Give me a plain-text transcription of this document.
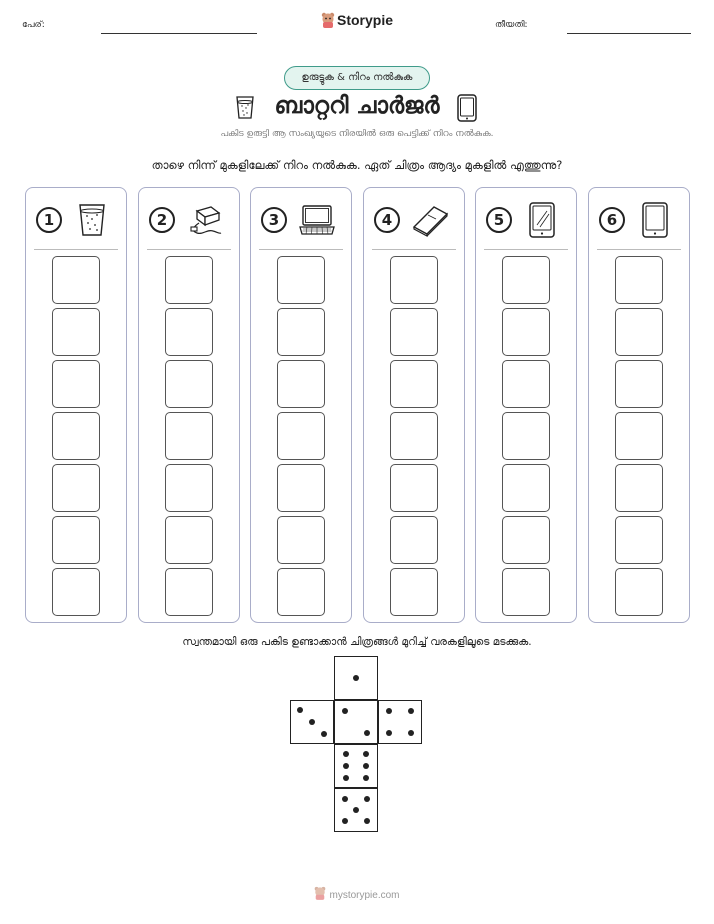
പേര്:	Storypie	തീയതി:
ഉരുട്ടുക & നിറം നൽകുക
ബാറ്ററി ചാർജർ
പകിട ഉരുട്ടി ആ സംഖ്യയുടെ നിരയിൽ ഒരു പെട്ടിക്ക് നിറം നൽകുക.
താഴെ നിന്ന് മുകളിലേക്ക് നിറം നൽകുക. ഏത് ചിത്രം ആദ്യം മുകളിൽ എത്തുന്നു?
1	2	3	4	5	6
സ്വന്തമായി ഒരു പകിട ഉണ്ടാക്കാൻ ചിത്രങ്ങൾ മുറിച്ച് വരകളിലൂടെ മടക്കുക.
mystorypie.com
